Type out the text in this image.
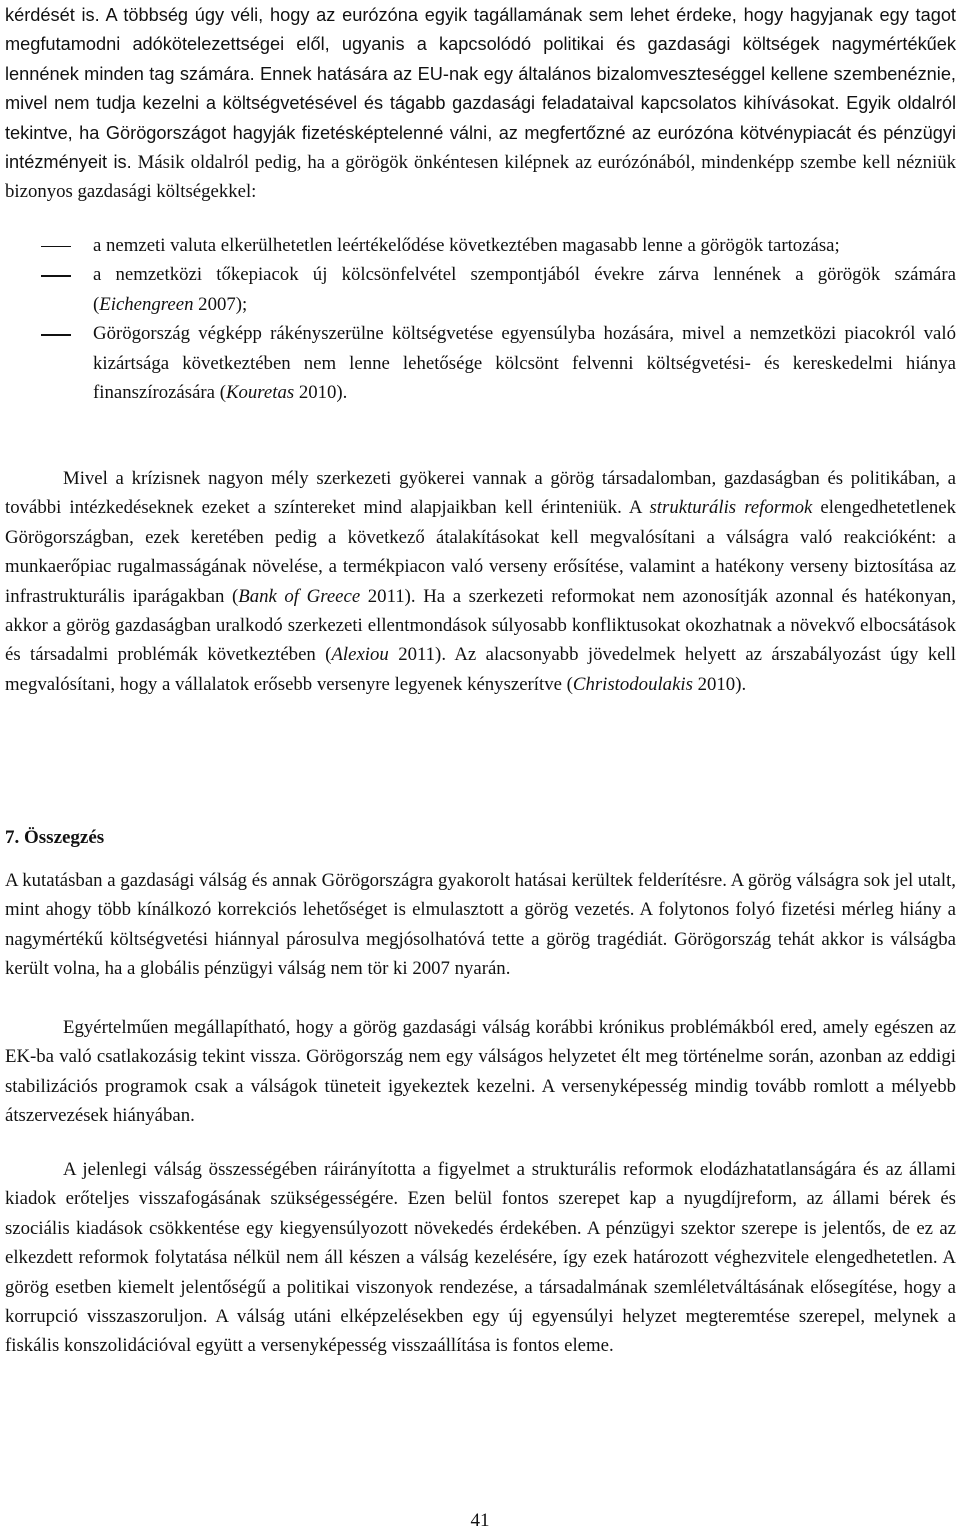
kérdését is. A többség úgy véli, hogy az eurózóna egyik tagállamának sem lehet érdeke, hogy hagyjanak egy tagot megfutamodni adókötelezettségei elől, ugyanis a kapcsolódó politikai és gazdasági költségek nagymértékűek lennének minden tag számára. Ennek hatására az EU-nak egy általános bizalomveszteséggel kellene szembenéznie, mivel nem tudja kezelni a költségvetésével és tágabb gazdasági feladataival kapcsolatos kihívásokat. Egyik oldalról tekintve, ha Görögországot hagyják fizetésképtelenné válni, az megfertőzné az eurózóna kötvénypiacát és pénzügyi intézményeit is. Másik oldalról pedig, ha a görögök önkéntesen kilépnek az eurózónából, mindenképp szembe kell nézniük bizonyos gazdasági költségekkel:

a nemzeti valuta elkerülhetetlen leértékelődése következtében magasabb lenne a görögök tartozása;
a nemzetközi tőkepiacok új kölcsönfelvétel szempontjából évekre zárva lennének a görögök számára (Eichengreen 2007);
Görögország végképp rákényszerülne költségvetése egyensúlyba hozására, mivel a nemzetközi piacokról való kizártsága következtében nem lenne lehetősége kölcsönt felvenni költségvetési- és kereskedelmi hiánya finanszírozására (Kouretas 2010).

Mivel a krízisnek nagyon mély szerkezeti gyökerei vannak a görög társadalomban, gazdaságban és politikában, a további intézkedéseknek ezeket a színtereket mind alapjaikban kell érinteniük. A strukturális reformok elengedhetetlenek Görögországban, ezek keretében pedig a következő átalakításokat kell megvalósítani a válságra való reakcióként: a munkaerőpiac rugalmasságának növelése, a termékpiacon való verseny erősítése, valamint a hatékony verseny biztosítása az infrastrukturális iparágakban (Bank of Greece 2011). Ha a szerkezeti reformokat nem azonosítják azonnal és hatékonyan, akkor a görög gazdaságban uralkodó szerkezeti ellentmondások súlyosabb konfliktusokat okozhatnak a növekvő elbocsátások és társadalmi problémák következtében (Alexiou 2011). Az alacsonyabb jövedelmek helyett az árszabályozást úgy kell megvalósítani, hogy a vállalatok erősebb versenyre legyenek kényszerítve (Christodoulakis 2010).

7. Összegzés

A kutatásban a gazdasági válság és annak Görögországra gyakorolt hatásai kerültek felderítésre. A görög válságra sok jel utalt, mint ahogy több kínálkozó korrekciós lehetőséget is elmulasztott a görög vezetés. A folytonos folyó fizetési mérleg hiány a nagymértékű költségvetési hiánnyal párosulva megjósolhatóvá tette a görög tragédiát. Görögország tehát akkor is válságba került volna, ha a globális pénzügyi válság nem tör ki 2007 nyarán.

Egyértelműen megállapítható, hogy a görög gazdasági válság korábbi krónikus problémákból ered, amely egészen az EK-ba való csatlakozásig tekint vissza. Görögország nem egy válságos helyzetet élt meg történelme során, azonban az eddigi stabilizációs programok csak a válságok tüneteit igyekeztek kezelni. A versenyképesség mindig tovább romlott a mélyebb átszervezések hiányában.

A jelenlegi válság összességében ráirányította a figyelmet a strukturális reformok elodázhatatlanságára és az állami kiadok erőteljes visszafogásának szükségességére. Ezen belül fontos szerepet kap a nyugdíjreform, az állami bérek és szociális kiadások csökkentése egy kiegyensúlyozott növekedés érdekében. A pénzügyi szektor szerepe is jelentős, de ez az elkezdett reformok folytatása nélkül nem áll készen a válság kezelésére, így ezek határozott véghezvitele elengedhetetlen. A görög esetben kiemelt jelentőségű a politikai viszonyok rendezése, a társadalmának szemléletváltásának elősegítése, hogy a korrupció visszaszoruljon. A válság utáni elképzelésekben egy új egyensúlyi helyzet megteremtése szerepel, melynek a fiskális konszolidációval együtt a versenyképesség visszaállítása is fontos eleme.

41
